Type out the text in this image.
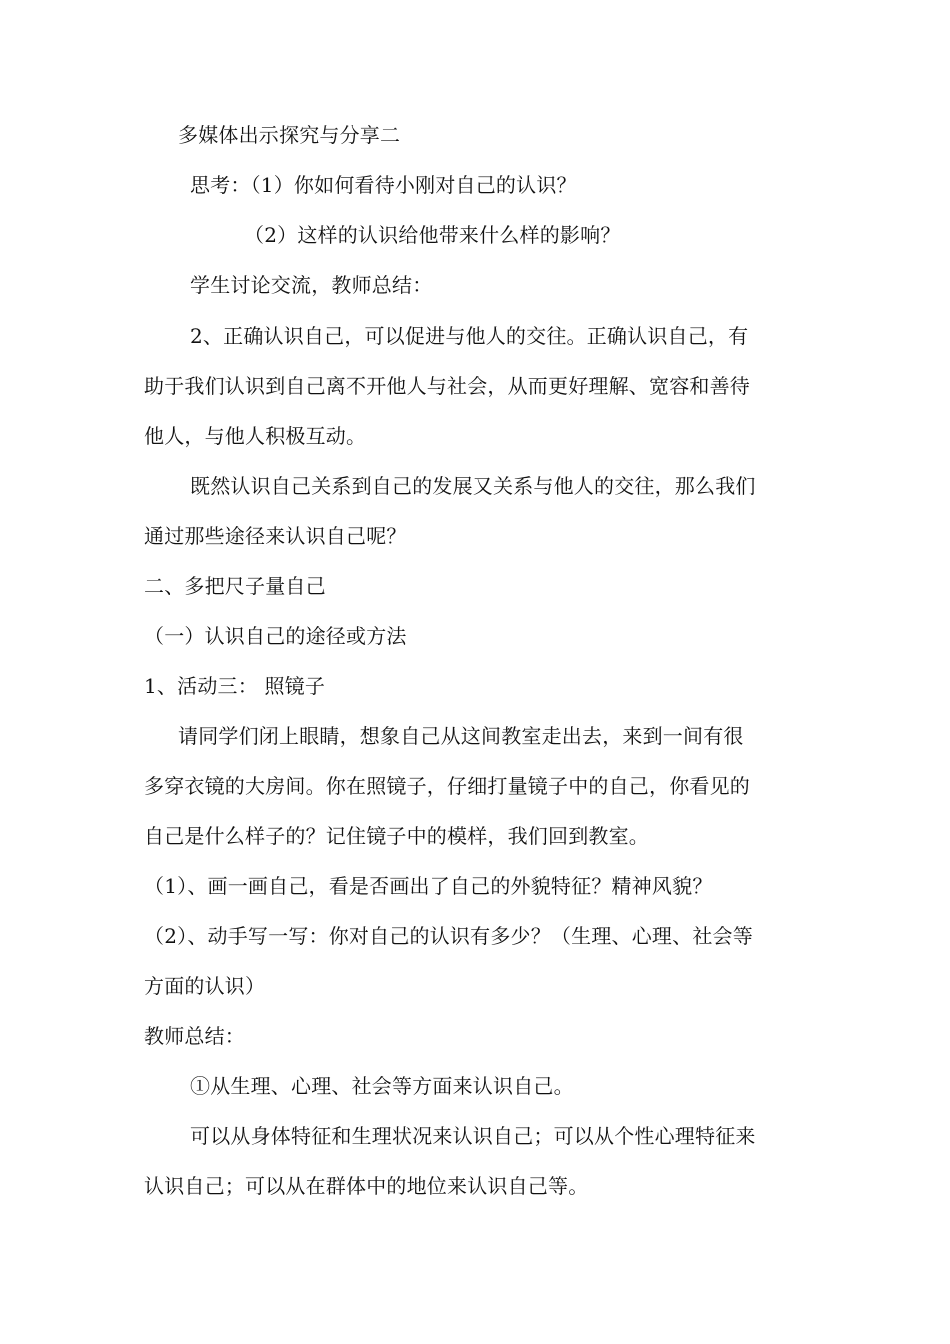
多媒体出示探究与分享二
思考：（1）你如何看待小刚对自己的认识？
（2）这样的认识给他带来什么样的影响？
学生讨论交流，教师总结：
2、正确认识自己，可以促进与他人的交往。正确认识自己，有
助于我们认识到自己离不开他人与社会，从而更好理解、宽容和善待
他人，与他人积极互动。
既然认识自己关系到自己的发展又关系与他人的交往，那么我们
通过那些途径来认识自己呢？
二、多把尺子量自己
（一）认识自己的途径或方法
1、活动三： 照镜子
请同学们闭上眼睛，想象自己从这间教室走出去，来到一间有很
多穿衣镜的大房间。你在照镜子，仔细打量镜子中的自己，你看见的
自己是什么样子的？记住镜子中的模样，我们回到教室。
（1）、画一画自己，看是否画出了自己的外貌特征？精神风貌？
（2）、动手写一写：你对自己的认识有多少？（生理、心理、社会等
方面的认识）
教师总结：
①从生理、心理、社会等方面来认识自己。
可以从身体特征和生理状况来认识自己；可以从个性心理特征来
认识自己；可以从在群体中的地位来认识自己等。
